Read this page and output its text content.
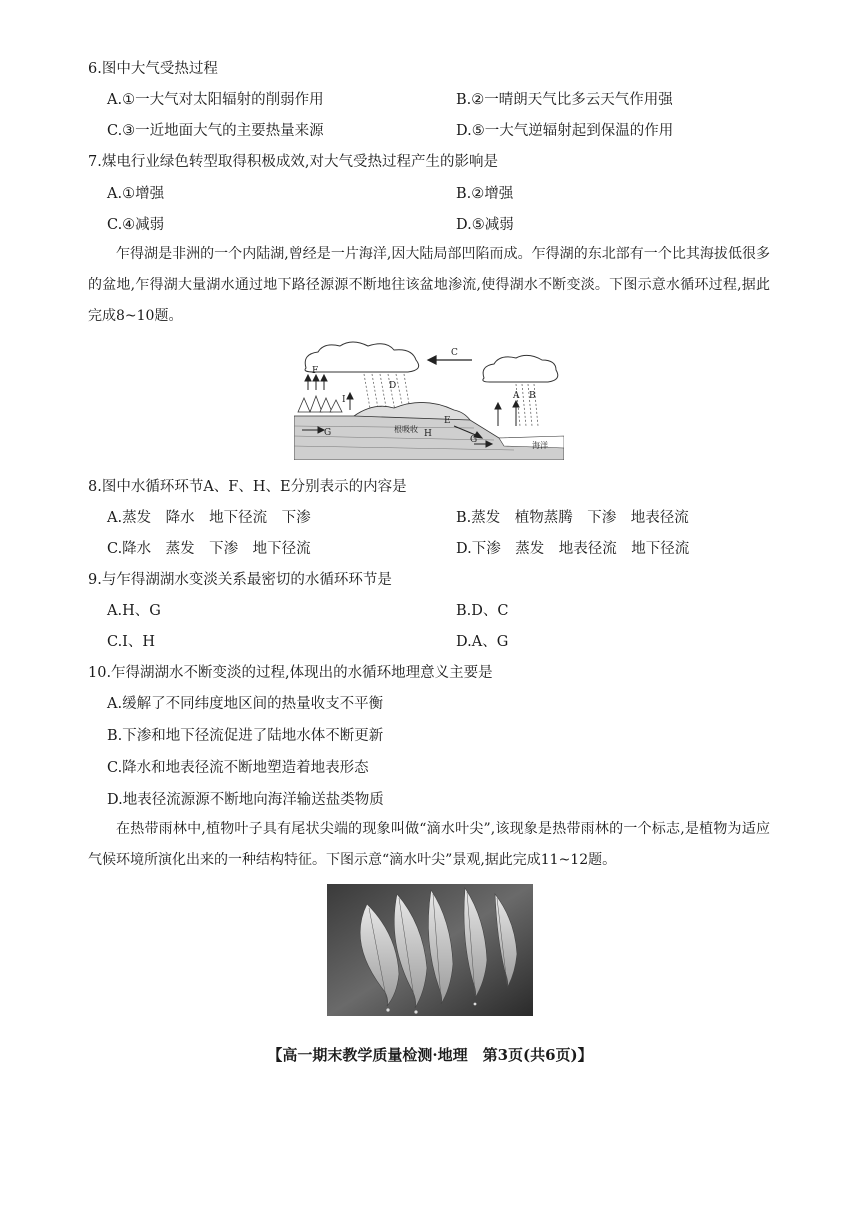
6.图中大气受热过程
A.①一大气对太阳辐射的削弱作用	B.②一晴朗天气比多云天气作用强
C.③一近地面大气的主要热量来源	D.⑤一大气逆辐射起到保温的作用
7.煤电行业绿色转型取得积极成效,对大气受热过程产生的影响是
A.①增强	B.②增强
C.④减弱	D.⑤减弱
乍得湖是非洲的一个内陆湖,曾经是一片海洋,因大陆局部凹陷而成。乍得湖的东北部有一个比其海拔低很多的盆地,乍得湖大量湖水通过地下路径源源不断地往该盆地渗流,使得湖水不断变淡。下图示意水循环过程,据此完成8~10题。
C
D
B
A
F
I
E
G
G
H
根吸收
海洋
8.图中水循环环节A、F、H、E分别表示的内容是
A.蒸发　降水　地下径流　下渗	B.蒸发　植物蒸腾　下渗　地表径流
C.降水　蒸发　下渗　地下径流	D.下渗　蒸发　地表径流　地下径流
9.与乍得湖湖水变淡关系最密切的水循环环节是
A.H、G	B.D、C
C.I、H	D.A、G
10.乍得湖湖水不断变淡的过程,体现出的水循环地理意义主要是
A.缓解了不同纬度地区间的热量收支不平衡
B.下渗和地下径流促进了陆地水体不断更新
C.降水和地表径流不断地塑造着地表形态
D.地表径流源源不断地向海洋输送盐类物质
在热带雨林中,植物叶子具有尾状尖端的现象叫做“滴水叶尖”,该现象是热带雨林的一个标志,是植物为适应气候环境所演化出来的一种结构特征。下图示意“滴水叶尖”景观,据此完成11~12题。
【高一期末教学质量检测·地理　第3页(共6页)】
